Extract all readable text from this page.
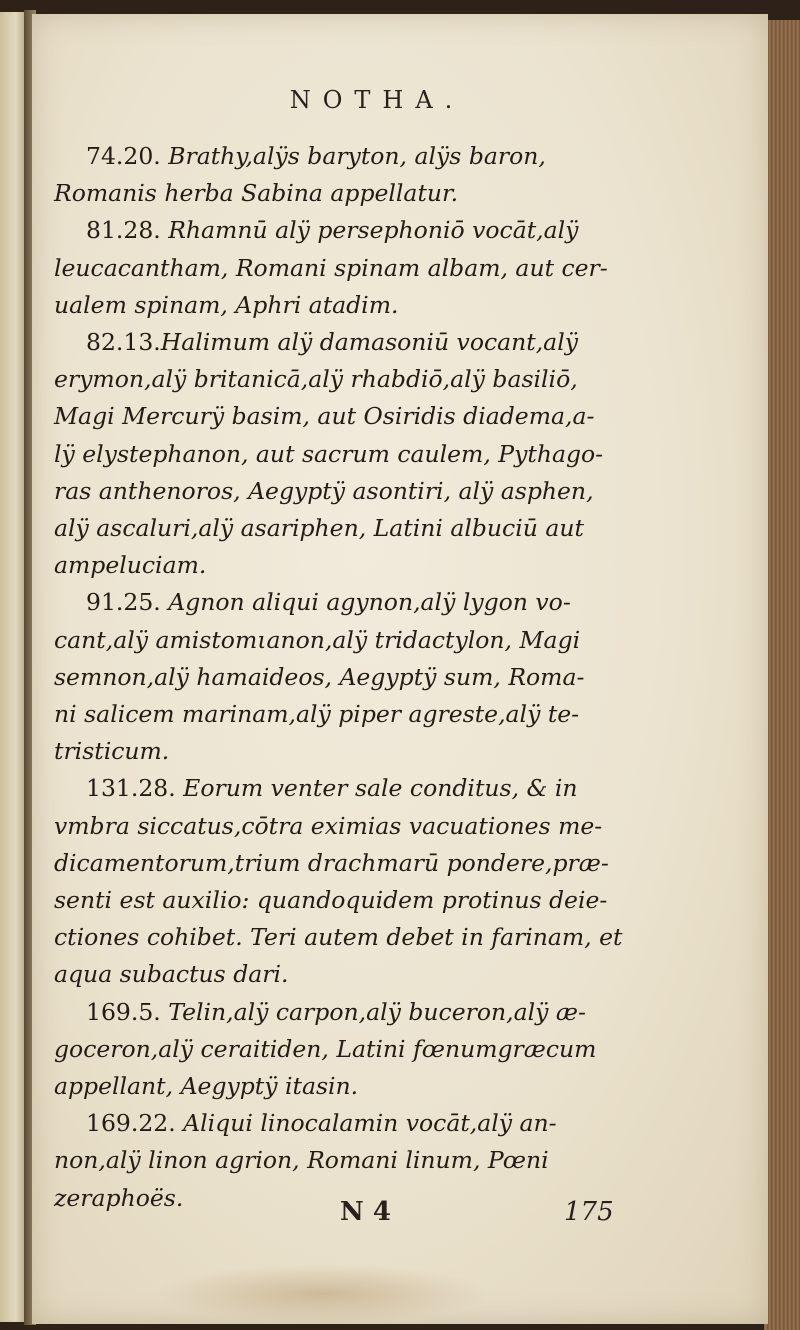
NOTHA.

74.20. Brathy,alÿs baryton, alÿs baron,
Romanis herba Sabina appellatur.

81.28. Rhamnū alÿ persephoniō vocāt,alÿ
leucacantham, Romani spinam albam, aut cer-
ualem spinam, Aphri atadim.

82.13.Halimum alÿ damasoniū vocant,alÿ
erymon,alÿ britanicā,alÿ rhabdiō,alÿ basiliō,
Magi Mercurÿ basim, aut Osiridis diadema,a-
lÿ elystephanon, aut sacrum caulem, Pythago-
ras anthenoros, Aegyptÿ asontiri, alÿ asphen,
alÿ ascaluri,alÿ asariphen, Latini albuciū aut
ampeluciam.

91.25. Agnon aliqui agynon,alÿ lygon vo-
cant,alÿ amistomιanon,alÿ tridactylon, Magi
semnon,alÿ hamaideos, Aegyptÿ sum, Roma-
ni salicem marinam,alÿ piper agreste,alÿ te-
tristicum.

131.28. Eorum venter sale conditus, & in
vmbra siccatus,cōtra eximias vacuationes me-
dicamentorum,trium drachmarū pondere,præ-
senti est auxilio: quandoquidem protinus deie-
ctiones cohibet. Teri autem debet in farinam, et
aqua subactus dari.

169.5. Telin,alÿ carpon,alÿ buceron,alÿ æ-
goceron,alÿ ceraitiden, Latini fœnumgræcum
appellant, Aegyptÿ itasin.

169.22. Aliqui linocalamin vocāt,alÿ an-
non,alÿ linon agrion, Romani linum, Pœni
zeraphoës.	N 4	175
